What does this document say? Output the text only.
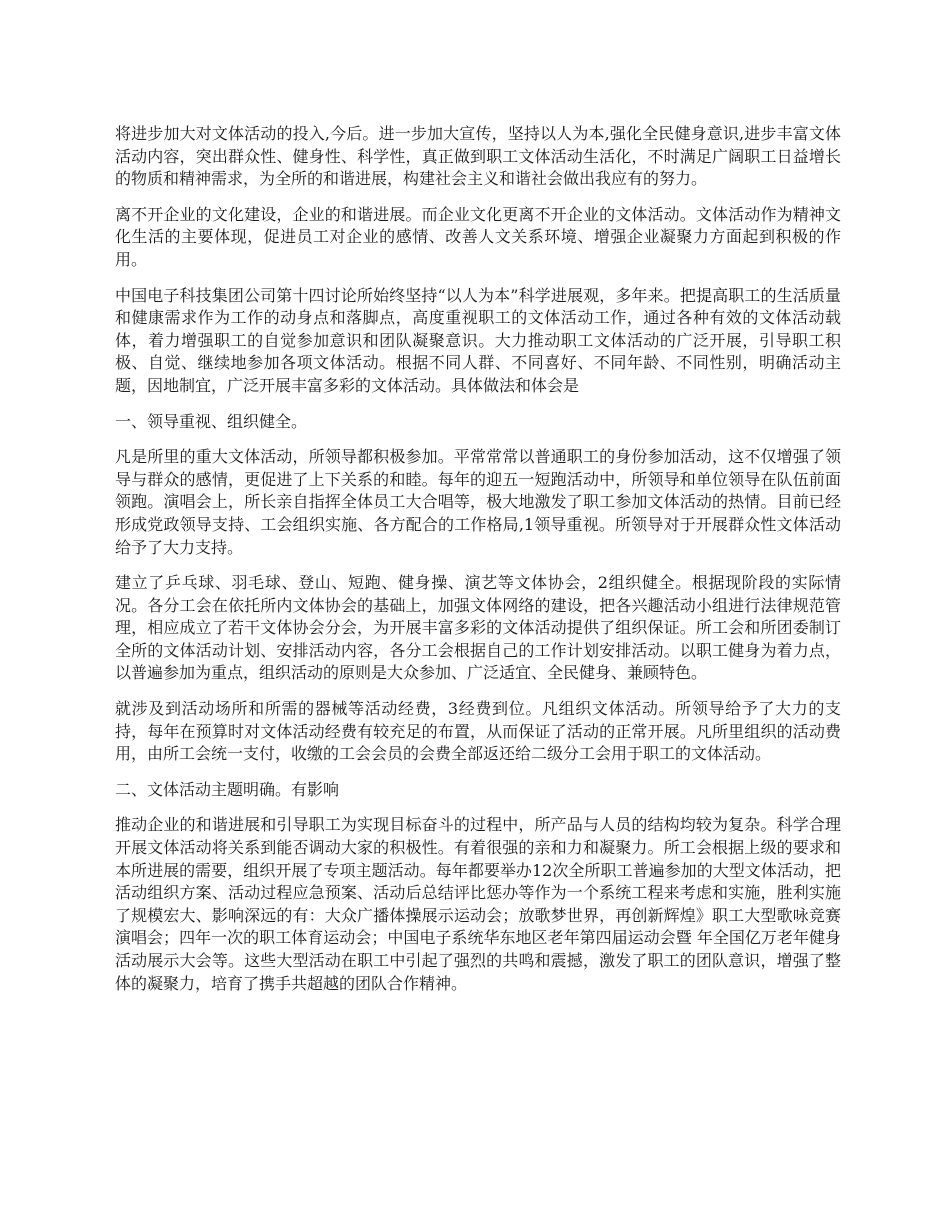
将进步加大对文体活动的投入,今后。进一步加大宣传，坚持以人为本,强化全民健身意识,进步丰富文体活动内容，突出群众性、健身性、科学性，真正做到职工文体活动生活化，不时满足广阔职工日益增长的物质和精神需求，为全所的和谐进展，构建社会主义和谐社会做出我应有的努力。

离不开企业的文化建设，企业的和谐进展。而企业文化更离不开企业的文体活动。文体活动作为精神文化生活的主要体现，促进员工对企业的感情、改善人文关系环境、增强企业凝聚力方面起到积极的作用。

中国电子科技集团公司第十四讨论所始终坚持“以人为本”科学进展观，多年来。把提高职工的生活质量和健康需求作为工作的动身点和落脚点，高度重视职工的文体活动工作，通过各种有效的文体活动载体，着力增强职工的自觉参加意识和团队凝聚意识。大力推动职工文体活动的广泛开展，引导职工积极、自觉、继续地参加各项文体活动。根据不同人群、不同喜好、不同年龄、不同性别，明确活动主题，因地制宜，广泛开展丰富多彩的文体活动。具体做法和体会是

一、领导重视、组织健全。

凡是所里的重大文体活动，所领导都积极参加。平常常常以普通职工的身份参加活动，这不仅增强了领导与群众的感情，更促进了上下关系的和睦。每年的迎五一短跑活动中，所领导和单位领导在队伍前面领跑。演唱会上，所长亲自指挥全体员工大合唱等，极大地激发了职工参加文体活动的热情。目前已经形成党政领导支持、工会组织实施、各方配合的工作格局,1领导重视。所领导对于开展群众性文体活动给予了大力支持。

建立了乒乓球、羽毛球、登山、短跑、健身操、演艺等文体协会，2组织健全。根据现阶段的实际情况。各分工会在依托所内文体协会的基础上，加强文体网络的建设，把各兴趣活动小组进行法律规范管理，相应成立了若干文体协会分会，为开展丰富多彩的文体活动提供了组织保证。所工会和所团委制订全所的文体活动计划、安排活动内容，各分工会根据自己的工作计划安排活动。以职工健身为着力点，以普遍参加为重点，组织活动的原则是大众参加、广泛适宜、全民健身、兼顾特色。

就涉及到活动场所和所需的器械等活动经费，3经费到位。凡组织文体活动。所领导给予了大力的支持，每年在预算时对文体活动经费有较充足的布置，从而保证了活动的正常开展。凡所里组织的活动费用，由所工会统一支付，收缴的工会会员的会费全部返还给二级分工会用于职工的文体活动。

二、文体活动主题明确。有影响

推动企业的和谐进展和引导职工为实现目标奋斗的过程中，所产品与人员的结构均较为复杂。科学合理开展文体活动将关系到能否调动大家的积极性。有着很强的亲和力和凝聚力。所工会根据上级的要求和本所进展的需要，组织开展了专项主题活动。每年都要举办12次全所职工普遍参加的大型文体活动，把活动组织方案、活动过程应急预案、活动后总结评比惩办等作为一个系统工程来考虑和实施，胜利实施了规模宏大、影响深远的有：大众广播体操展示运动会；放歌梦世界，再创新辉煌》职工大型歌咏竞赛演唱会；四年一次的职工体育运动会；中国电子系统华东地区老年第四届运动会暨 年全国亿万老年健身活动展示大会等。这些大型活动在职工中引起了强烈的共鸣和震撼，激发了职工的团队意识，增强了整体的凝聚力，培育了携手共超越的团队合作精神。
